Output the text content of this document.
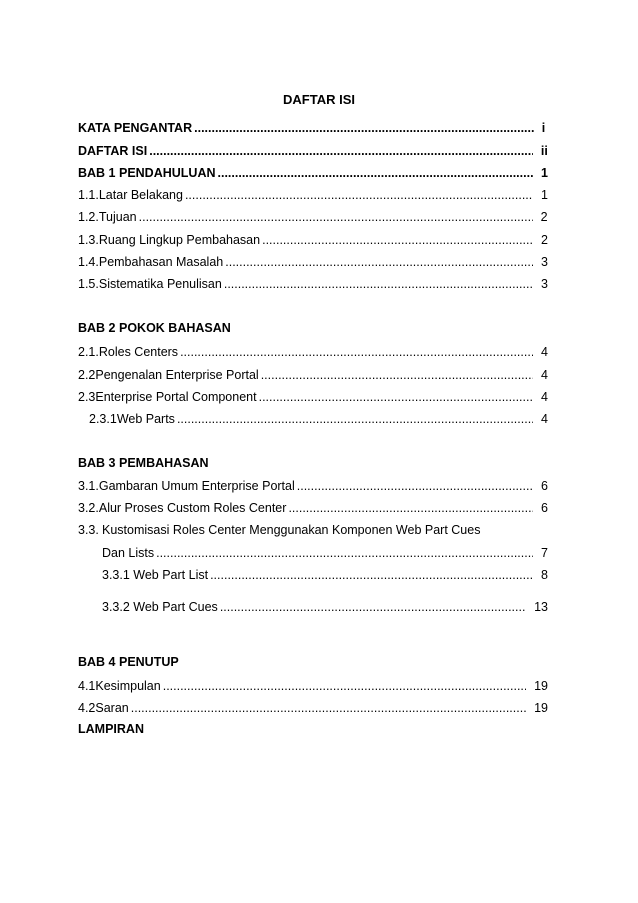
DAFTAR ISI
KATA PENGANTAR .....	i
DAFTAR ISI .....	ii
BAB 1 PENDAHULUAN .....	1
1.1. Latar Belakang .....	1
1.2. Tujuan .....	2
1.3. Ruang Lingkup Pembahasan .....	2
1.4. Pembahasan Masalah .....	3
1.5. Sistematika Penulisan .....	3
BAB 2 POKOK BAHASAN
2.1. Roles Centers .....	4
2.2 Pengenalan Enterprise Portal .....	4
2.3 Enterprise Portal Component .....	4
2.3.1 Web Parts .....	4
BAB 3 PEMBAHASAN
3.1. Gambaran Umum Enterprise Portal .....	6
3.2. Alur Proses Custom Roles Center .....	6
3.3. Kustomisasi Roles Center Menggunakan Komponen Web Part Cues
Dan Lists .....	7
3.3.1 Web Part List .....	8
3.3.2 Web Part Cues .....	13
BAB 4 PENUTUP
4.1 Kesimpulan .....	19
4.2 Saran .....	19
LAMPIRAN
